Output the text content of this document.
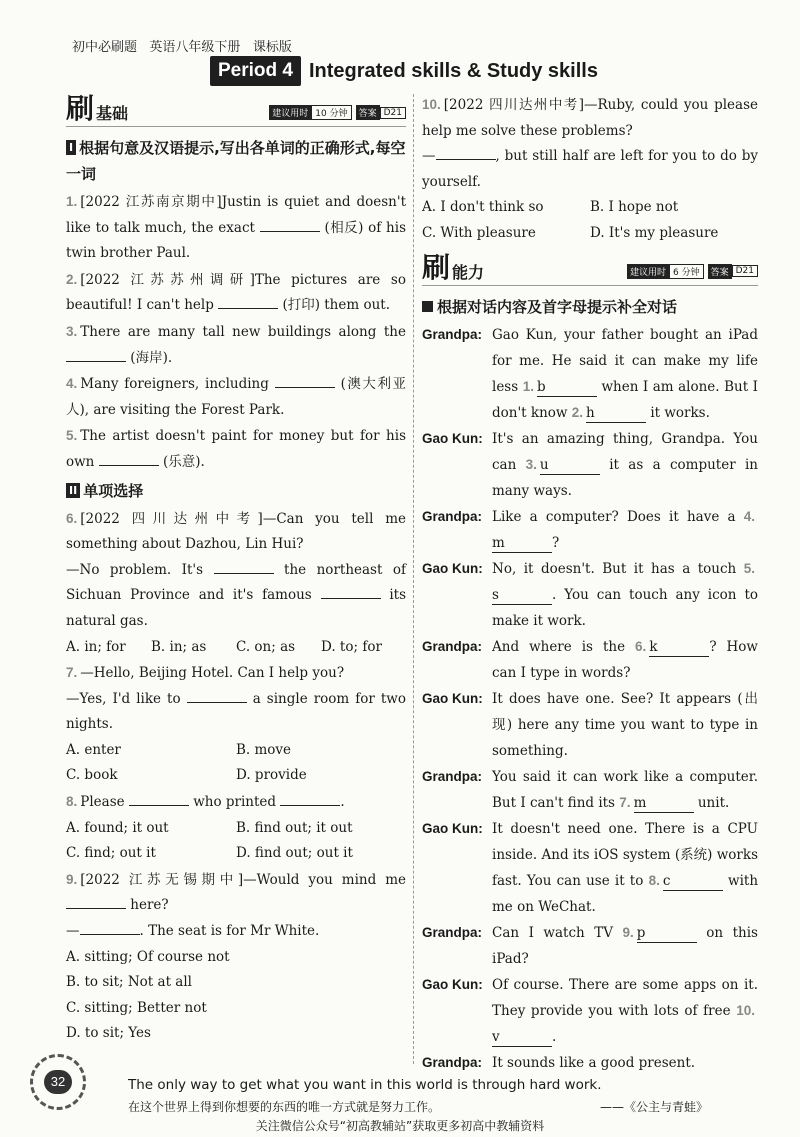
初中必刷题 英语八年级下册 课标版
Period 4 Integrated skills & Study skills
刷 基础	建议用时 10 分钟	答案 D21
I 根据句意及汉语提示,写出各单词的正确形式,每空一词

1. [2022 江苏南京期中]Justin is quiet and doesn't like to talk much, the exact	(相反) of his twin brother Paul.

2. [2022 江苏苏州调研]The pictures are so beautiful! I can't help	(打印) them out.

3. There are many tall new buildings along the  (海岸).

4. Many foreigners, including	(澳大利亚人), are visiting the Forest Park.

5. The artist doesn't paint for money but for his own	(乐意).

II 单项选择

6. [2022 四川达州中考]—Can you tell me something about Dazhou, Lin Hui?

—No problem. It's	the northeast of Sichuan Province and it's famous	its natural gas.

A. in; for	B. in; as	C. on; as	D. to; for

7. —Hello, Beijing Hotel. Can I help you?

—Yes, I'd like to	a single room for two nights.

A. enter	B. move
C. book	D. provide

8. Please	who printed	.

A. found; it out	B. find out; it out
C. find; out it	D. find out; out it

9. [2022 江苏无锡期中]—Would you mind me  here?

—	. The seat is for Mr White.

A. sitting; Of course not
B. to sit; Not at all
C. sitting; Better not
D. to sit; Yes

10. [2022 四川达州中考]—Ruby, could you please help me solve these problems?

—	, but still half are left for you to do by yourself.

A. I don't think so	B. I hope not
C. With pleasure	D. It's my pleasure
刷 能力	建议用时 6 分钟	答案 D21
根据对话内容及首字母提示补全对话
Grandpa: Gao Kun, your father bought an iPad for me. He said it can make my life less 1. b	when I am alone. But I don't know 2. h	it works.
Gao Kun: It's an amazing thing, Grandpa. You can 3. u	it as a computer in many ways.
Grandpa: Like a computer? Does it have a 4.m	?
Gao Kun: No, it doesn't. But it has a touch 5.s	. You can touch any icon to make it work.
Grandpa: And where is the 6. k	? How can I type in words?
Gao Kun: It does have one. See? It appears (出现) here any time you want to type in something.
Grandpa: You said it can work like a computer. But I can't find its 7. m	unit.
Gao Kun: It doesn't need one. There is a CPU inside. And its iOS system (系统) works fast. You can use it to 8. c	with me on WeChat.
Grandpa: Can I watch TV 9. p	on this iPad?
Gao Kun: Of course. There are some apps on it. They provide you with lots of free 10.v	.
Grandpa: It sounds like a good present.
32	The only way to get what you want in this world is through hard work.
在这个世界上得到你想要的东西的唯一方式就是努力工作。	——《公主与青蛙》
关注微信公众号“初高教辅站”获取更多初高中教辅资料
